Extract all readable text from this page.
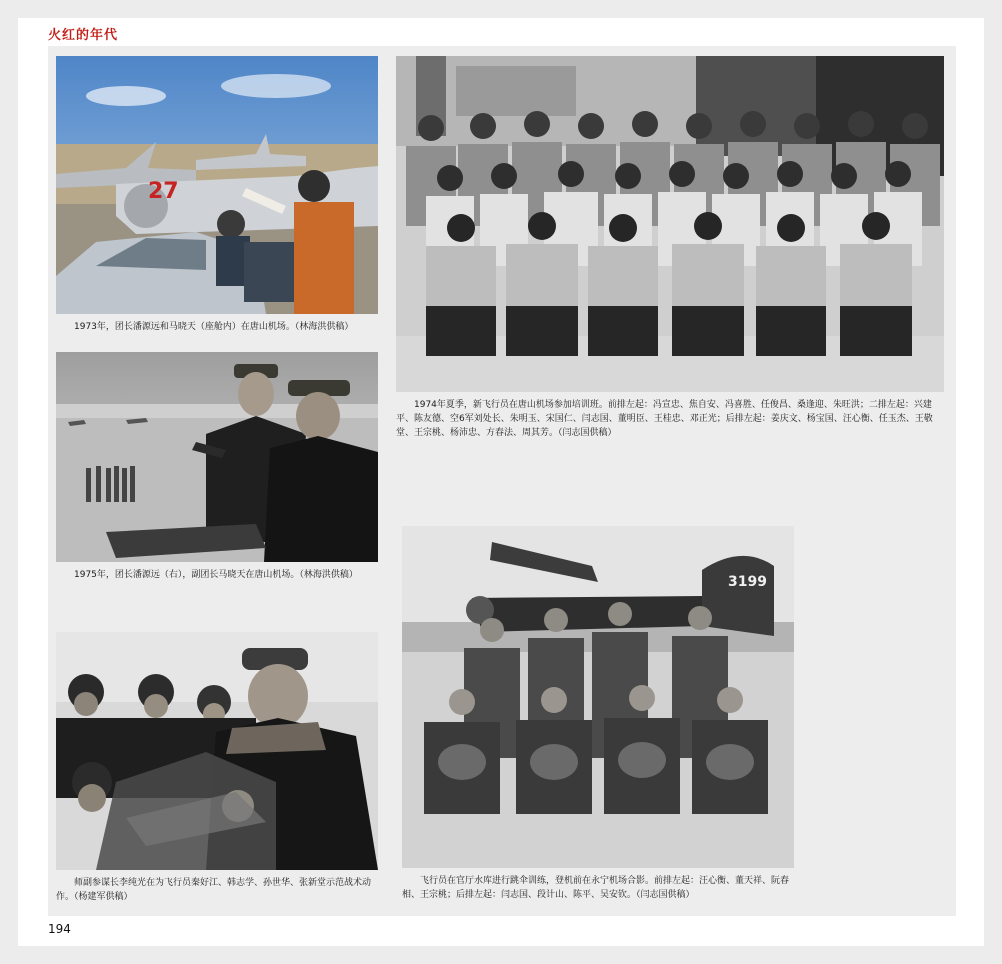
火红的年代
27
1973年，团长潘源远和马晓天（座舱内）在唐山机场。（林海洪供稿）
1975年，团长潘源远（右），副团长马晓天在唐山机场。（林海洪供稿）
师副参谋长李纯光在为飞行员秦好江、韩志学、孙世华、张新堂示范战术动作。（杨建军供稿）
1974年夏季，新飞行员在唐山机场参加培训班。前排左起：冯宣忠、焦自安、冯喜胜、任俊昌、桑逢迎、朱旺洪；二排左起：兴建平、陈友德、空6军刘处长、朱明玉、宋国仁、闫志国、董明臣、王桂忠、邓正光；后排左起：姜庆文、杨宝国、汪心衡、任玉杰、王敬堂、王宗桃、杨沛忠、方春法、周其芳。（闫志国供稿）
3199
飞行员在官厅水库进行跳伞训练，登机前在永宁机场合影。前排左起：汪心衡、董天祥、阮春相、王宗桃；后排左起：闫志国、段计山、陈平、吴安钦。（闫志国供稿）
194
